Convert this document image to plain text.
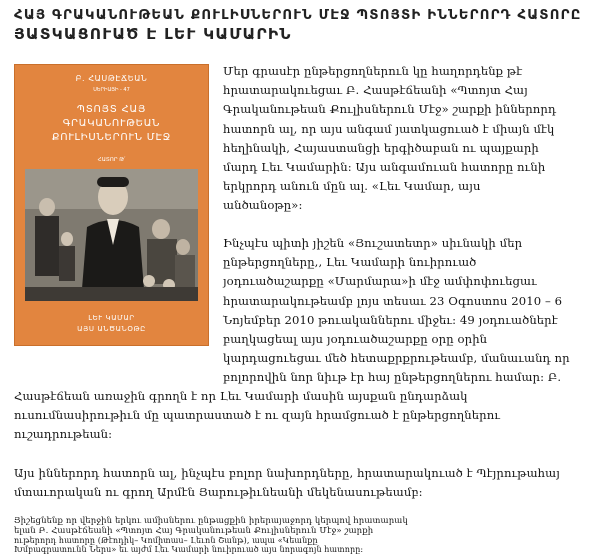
ՀԱՅ ԳՐԱԿԱՆՈՒԹԵԱՆ ՔՈՒԼԻՍՆԵՐՈՒՆ ՄԷՋ ՊՏՈՅՏԻ ԻՆՆԵՐՈՐԴ ՀԱՏՈՐԸ
ՅԱՏԿԱՑՈՒԱԾ Է ԼԵՒ ԿԱՄԱՐԻՆ
Բ. ՀԱՍԹԷՃԵԱՆ
ՍԵՐԻԱՅԻ - 47
ՊՏՈՅՏ ՀԱՅ
ԳՐԱԿԱՆՈՒԹԵԱՆ
ՔՈՒԼԻՍՆԵՐՈՒՆ ՄԷՋ
ՀԱՏՈՐ Թ՛
ԼԵՒ ԿԱՄԱՐ
ԱՅՍ ԱՆԾԱՆՕԹԸ

Մեր գրասէր ընթերցողներուն կը հաղորդենք թէ
հրատարակուեցաւ Բ. Հասթէճեանի «Պտոյտ Հայ
Գրականութեան Քուլիսներուն Մէջ» շարքի իններորդ
հատորն ալ, որ այս անգամ յատկացուած է միայն մէկ
հեղինակի, Հայաստանցի երգիծաբան ու պայքարի
մարդ Լեւ Կամարին: Այս անգամուան հատորը ունի
երկրորդ անուն մըն ալ. «Լեւ Կամար, այս
անծանօթը»:

Ինչպէս պիտի յիշեն «Յուշատետր» սիւնակի մեր
ընթերցողները,, Լեւ Կամարի նուիրուած
յօդուածաշարքը «Մարմարա»ի մէջ ամփոփուեցաւ
հրատարակութեամբ լոյս տեսաւ 23 Օգոստոս 2010 – 6
Նոյեմբեր 2010 թուականներու միջեւ: 49 յօդուածներէ
բաղկացեալ այս յօդուածաշարքը օրը օրին
կարդացուեցաւ մեծ հետաքրքրութեամբ, մանաւանդ որ

բոլորովին նոր նիւթ էր հայ ընթերցողներու համար: Բ.

Հասթէճեան առաջին գրողն է որ Լեւ Կամարի մասին այսքան ընդարձակ
ուսումնասիրութիւն մը պատրաստած է ու զայն հրամցուած է ընթերցողներու
ուշադրութեան:

Այս իններորդ հատորն ալ, ինչպէս բոլոր նախորդները, հրատարակուած է Պէյրութահայ
մտաւորական ու գրող Արմէն Յարութիւնեանի մեկենասութեամբ:

Յիշեցնենք որ վերջին երկու ամիսներու ընթացքին իրերայաջորդ կերպով հրատարակ
ելան Բ. Հասթէճեանի «Պտոյտ Հայ Գրականութեան Քուլիսներուն Մէջ» շարքի
ութերորդ հատորը (Թէոդիկ– Կոմիտաս– Լեւոն Շանթ), ապա «Կեանքը
Խմբագրատունն Ներս» եւ այժմ Լեւ Կամարի նուիրուած այս նորագոյն հատորը:
